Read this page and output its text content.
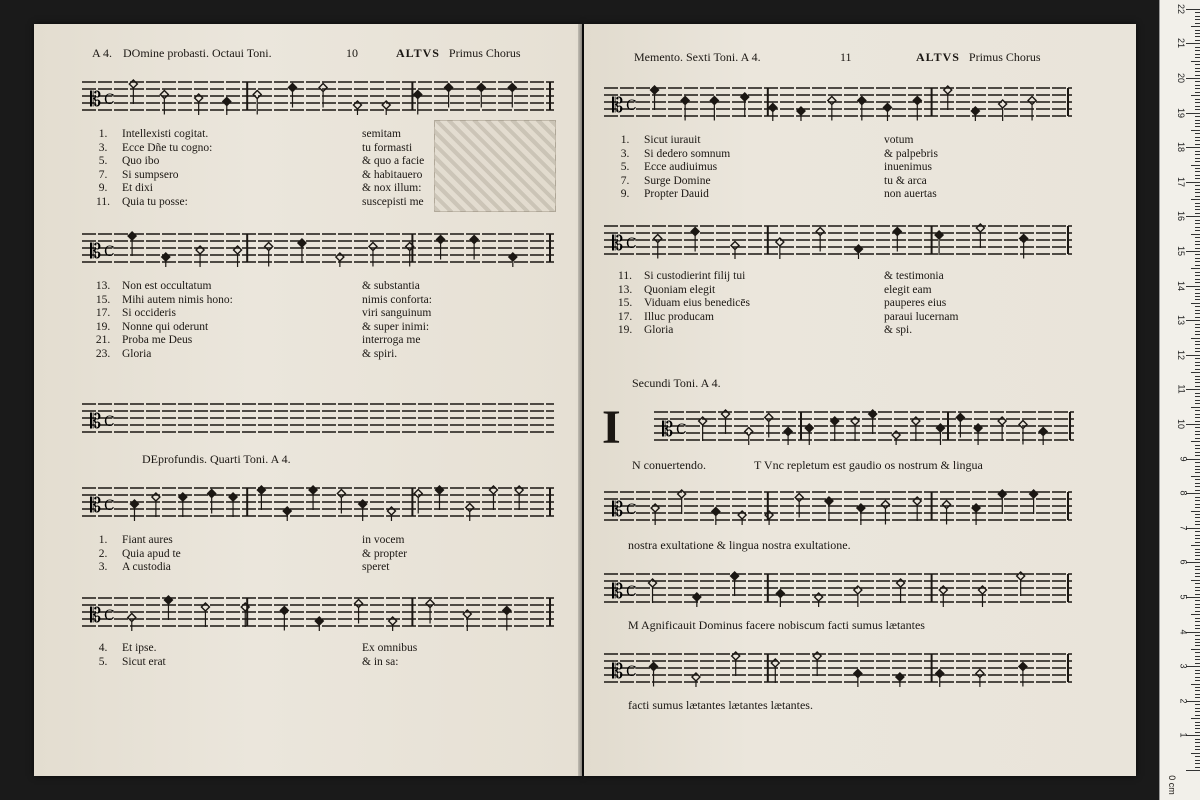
A 4. DOmine probasti. Octaui Toni.	10	ALTVS Primus Chorus
𝄡 C
1.	Intellexisti cogitat.	semitam
3.	Ecce Dñe tu cogno:	tu formasti
5.	Quo ibo	& quo a facie
7.	Si sumpsero	& habitauero
9.	Et dixi	& nox illum:
11.	Quia tu posse:	suscepisti me
𝄡 C
13.	Non est occultatum	& substantia
15.	Mihi autem nimis hono:	nimis conforta:
17.	Si occideris	viri sanguinum
19.	Nonne qui oderunt	& super inimi:
21.	Proba me Deus	interroga me
23.	Gloria	& spiri.
𝄡 C
DEprofundis. Quarti Toni. A 4.
𝄡 C
1.	Fiant aures	in vocem
2.	Quia apud te	& propter
3.	A custodia	speret
𝄡 C
4.	Et ipse.	Ex omnibus
5.	Sicut erat	& in sa:
Memento. Sexti Toni. A 4.	11	ALTVS Primus Chorus
𝄡 C
1.	Sicut iurauit	votum
3.	Si dedero somnum	& palpebris
5.	Ecce audiuimus	inuenimus
7.	Surge Domine	tu & arca
9.	Propter Dauid	non auertas
𝄡 C
11.	Si custodierint filij tui	& testimonia
13.	Quoniam elegit	elegit eam
15.	Viduam eius benedicēs	pauperes eius
17.	Illuc producam	paraui lucernam
19.	Gloria	& spi.
Secundi Toni. A 4.
I 𝄡 C
N conuertendo.	T Vnc repletum est gaudio os nostrum & lingua
𝄡 C
nostra exultatione & lingua nostra exultatione.
𝄡 C
M Agnificauit Dominus facere nobiscum facti sumus lætantes
𝄡 C
facti sumus lætantes lætantes lætantes.
0 cm
1
2
3
4
5
6
7
8
9
10
11
12
13
14
15
16
17
18
19
20
21
22
